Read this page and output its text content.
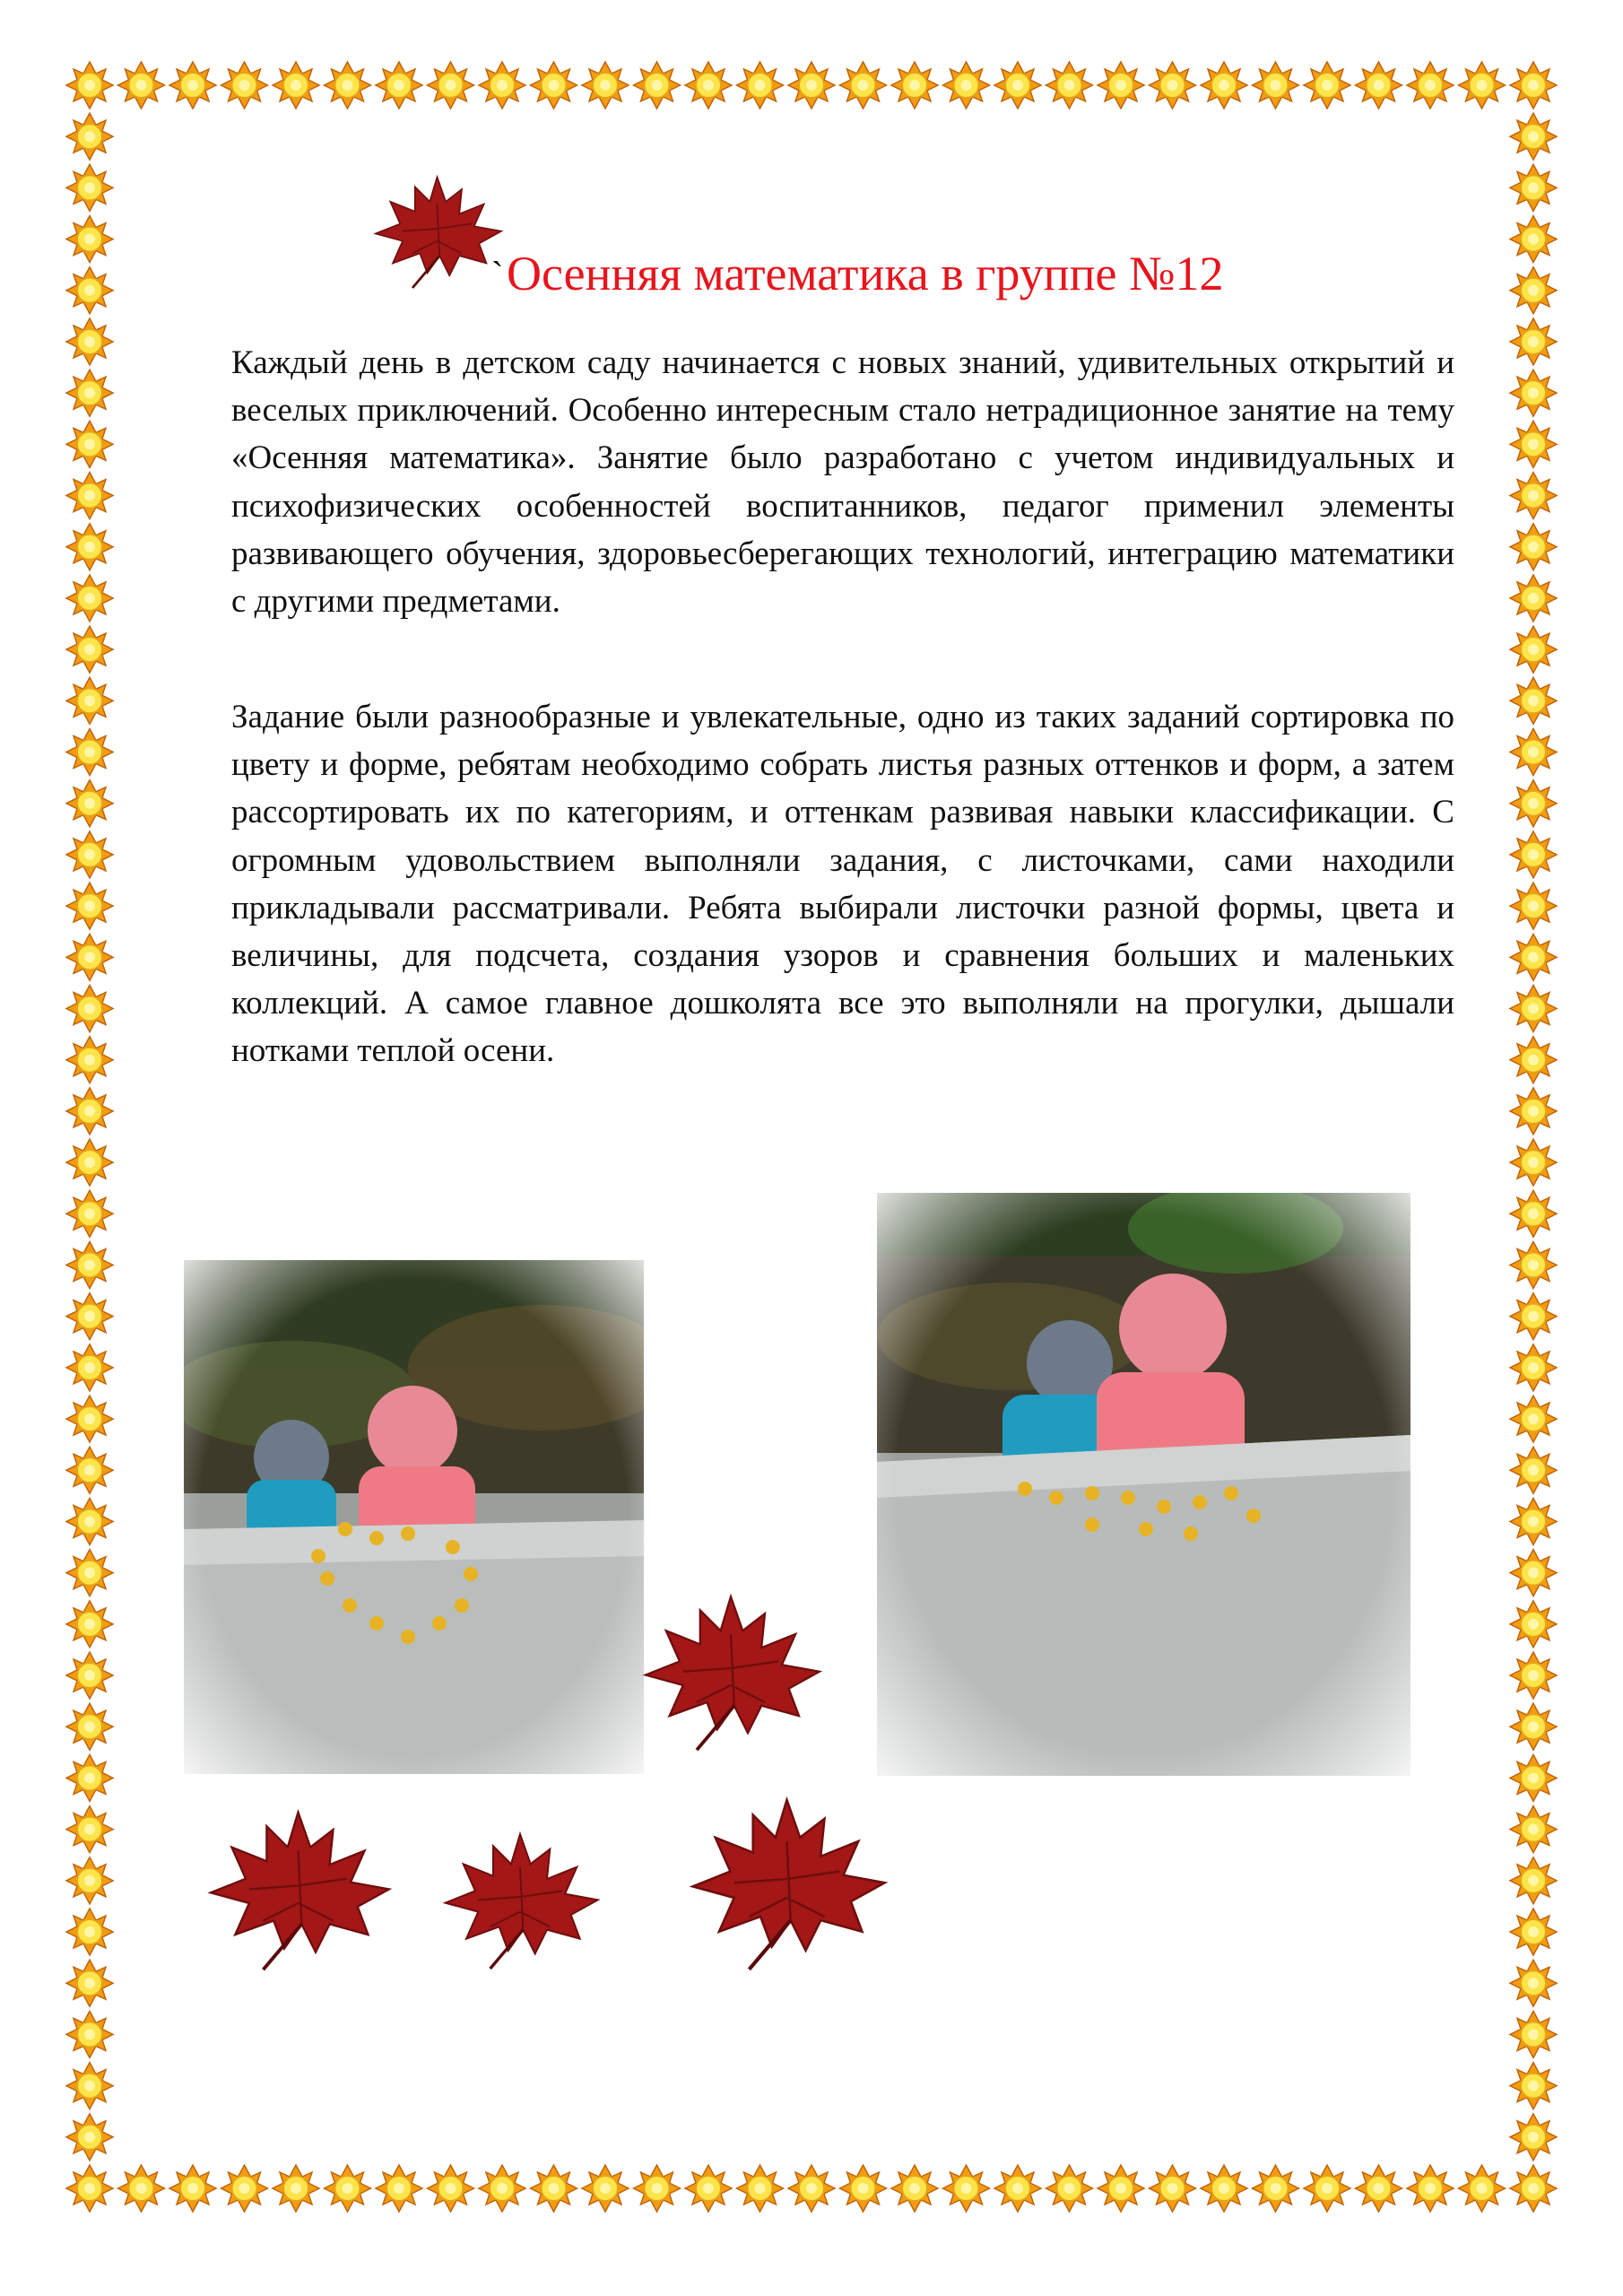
` Осенняя математика в группе №12

Каждый день в детском саду начинается с новых знаний, удивительных открытий и веселых приключений. Особенно интересным стало нетрадиционное занятие на тему «Осенняя математика». Занятие было разработано с учетом индивидуальных и психофизических особенностей воспитанников, педагог применил элементы развивающего обучения, здоровьесберегающих технологий, интеграцию математики с другими предметами.

Задание были разнообразные и увлекательные, одно из таких заданий сортировка по цвету и форме, ребятам необходимо собрать листья разных оттенков и форм, а затем рассортировать их по категориям, и оттенкам развивая навыки классификации. С огромным удовольствием выполняли задания, с листочками, сами находили прикладывали рассматривали. Ребята выбирали листочки разной формы, цвета и величины, для подсчета, создания узоров и сравнения больших и маленьких коллекций. А самое главное дошколята все это выполняли на прогулки, дышали нотками теплой осени.
